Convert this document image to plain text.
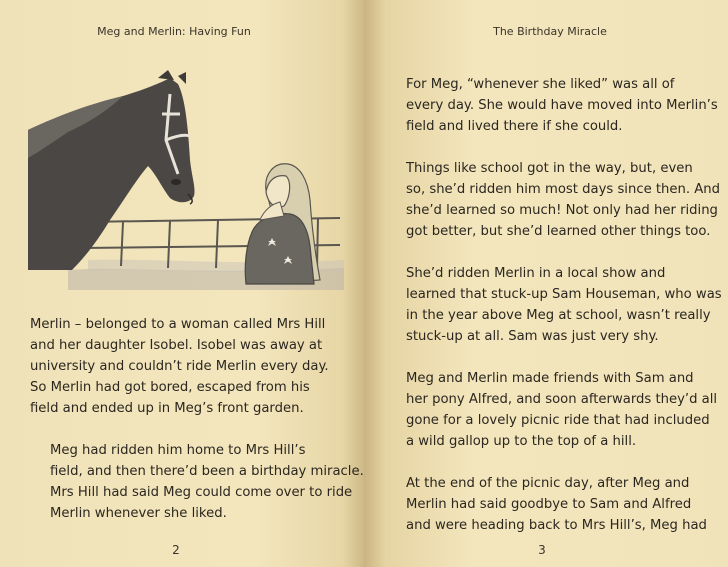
Meg and Merlin: Having Fun

Merlin – belonged to a woman called Mrs Hill
and her daughter Isobel. Isobel was away at
university and couldn’t ride Merlin every day.
So Merlin had got bored, escaped from his
field and ended up in Meg’s front garden.

Meg had ridden him home to Mrs Hill’s
field, and then there’d been a birthday miracle.
Mrs Hill had said Meg could come over to ride
Merlin whenever she liked.

2
The Birthday Miracle

For Meg, “whenever she liked” was all of
every day. She would have moved into Merlin’s
field and lived there if she could.

Things like school got in the way, but, even
so, she’d ridden him most days since then. And
she’d learned so much! Not only had her riding
got better, but she’d learned other things too.

She’d ridden Merlin in a local show and
learned that stuck-up Sam Houseman, who was
in the year above Meg at school, wasn’t really
stuck-up at all. Sam was just very shy.

Meg and Merlin made friends with Sam and
her pony Alfred, and soon afterwards they’d all
gone for a lovely picnic ride that had included
a wild gallop up to the top of a hill.

At the end of the picnic day, after Meg and
Merlin had said goodbye to Sam and Alfred
and were heading back to Mrs Hill’s, Meg had

3
